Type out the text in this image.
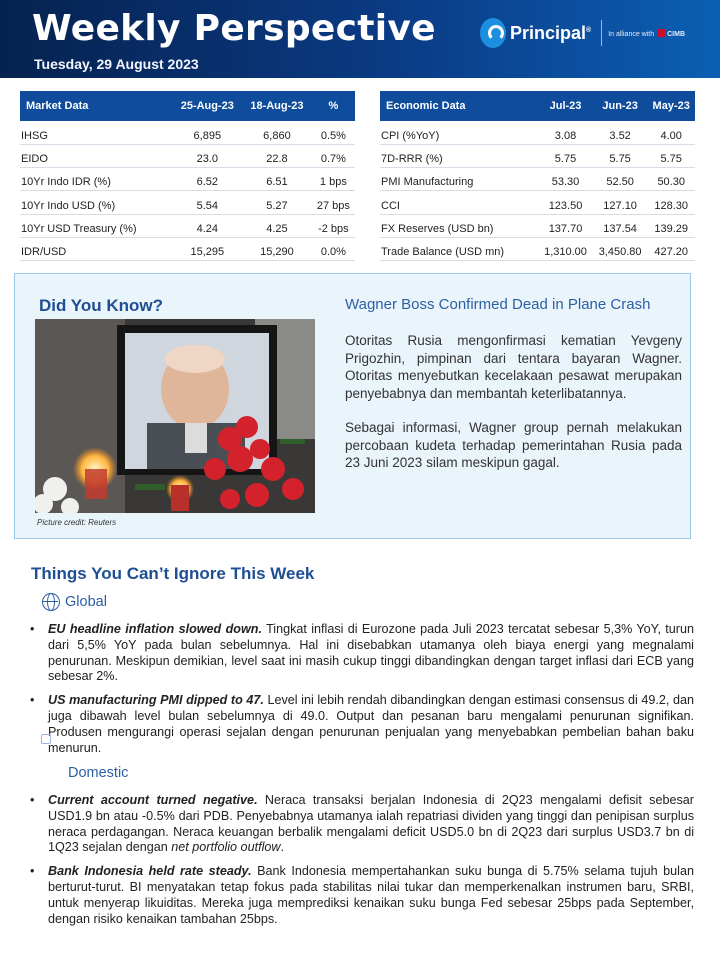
Weekly Perspective
Tuesday, 29 August 2023
Principal®
In alliance with CIMB
Market Data	25-Aug-23	18-Aug-23	%
IHSG	6,895	6,860	0.5%
EIDO	23.0	22.8	0.7%
10Yr Indo IDR (%)	6.52	6.51	1 bps
10Yr Indo USD (%)	5.54	5.27	27 bps
10Yr USD Treasury (%)	4.24	4.25	-2 bps
IDR/USD	15,295	15,290	0.0%
Economic Data	Jul-23	Jun-23	May-23
CPI (%YoY)	3.08	3.52	4.00
7D-RRR (%)	5.75	5.75	5.75
PMI Manufacturing	53.30	52.50	50.30
CCI	123.50	127.10	128.30
FX Reserves (USD bn)	137.70	137.54	139.29
Trade Balance (USD mn)	1,310.00	3,450.80	427.20
Did You Know?
Picture credit: Reuters
Wagner Boss Confirmed Dead in Plane Crash

Otoritas Rusia mengonfirmasi kematian Yevgeny Prigozhin, pimpinan dari tentara bayaran Wagner. Otoritas menyebutkan kecelakaan pesawat merupakan penyebabnya dan membantah keterlibatannya.

Sebagai informasi, Wagner group pernah melakukan percobaan kudeta terhadap pemerintahan Rusia pada 23 Juni 2023 silam meskipun gagal.

Things You Can’t Ignore This Week
Global
• EU headline inflation slowed down. Tingkat inflasi di Eurozone pada Juli 2023 tercatat sebesar 5,3% YoY, turun dari 5,5% YoY pada bulan sebelumnya. Hal ini disebabkan utamanya oleh biaya energi yang megnalami penurunan. Meskipun demikian, level saat ini masih cukup tinggi dibandingkan dengan target inflasi dari ECB yang sebesar 2%.
• US manufacturing PMI dipped to 47. Level ini lebih rendah dibandingkan dengan estimasi consensus di 49.2, dan juga dibawah level bulan sebelumnya di 49.0. Output dan pesanan baru mengalami penurunan signifikan. Produsen mengurangi operasi sejalan dengan penurunan penjualan yang menyebabkan pembelian bahan baku menurun.
Domestic
• Current account turned negative. Neraca transaksi berjalan Indonesia di 2Q23 mengalami defisit sebesar USD1.9 bn atau -0.5% dari PDB. Penyebabnya utamanya ialah repatriasi dividen yang tinggi dan penipisan surplus neraca perdagangan. Neraca keuangan berbalik mengalami deficit USD5.0 bn di 2Q23 dari surplus USD3.7 bn di 1Q23 sejalan dengan net portfolio outflow.
• Bank Indonesia held rate steady. Bank Indonesia mempertahankan suku bunga di 5.75% selama tujuh bulan berturut-turut. BI menyatakan tetap fokus pada stabilitas nilai tukar dan memperkenalkan instrumen baru, SRBI, untuk menyerap likuiditas. Mereka juga memprediksi kenaikan suku bunga Fed sebesar 25bps pada September, dengan risiko kenaikan tambahan 25bps.
